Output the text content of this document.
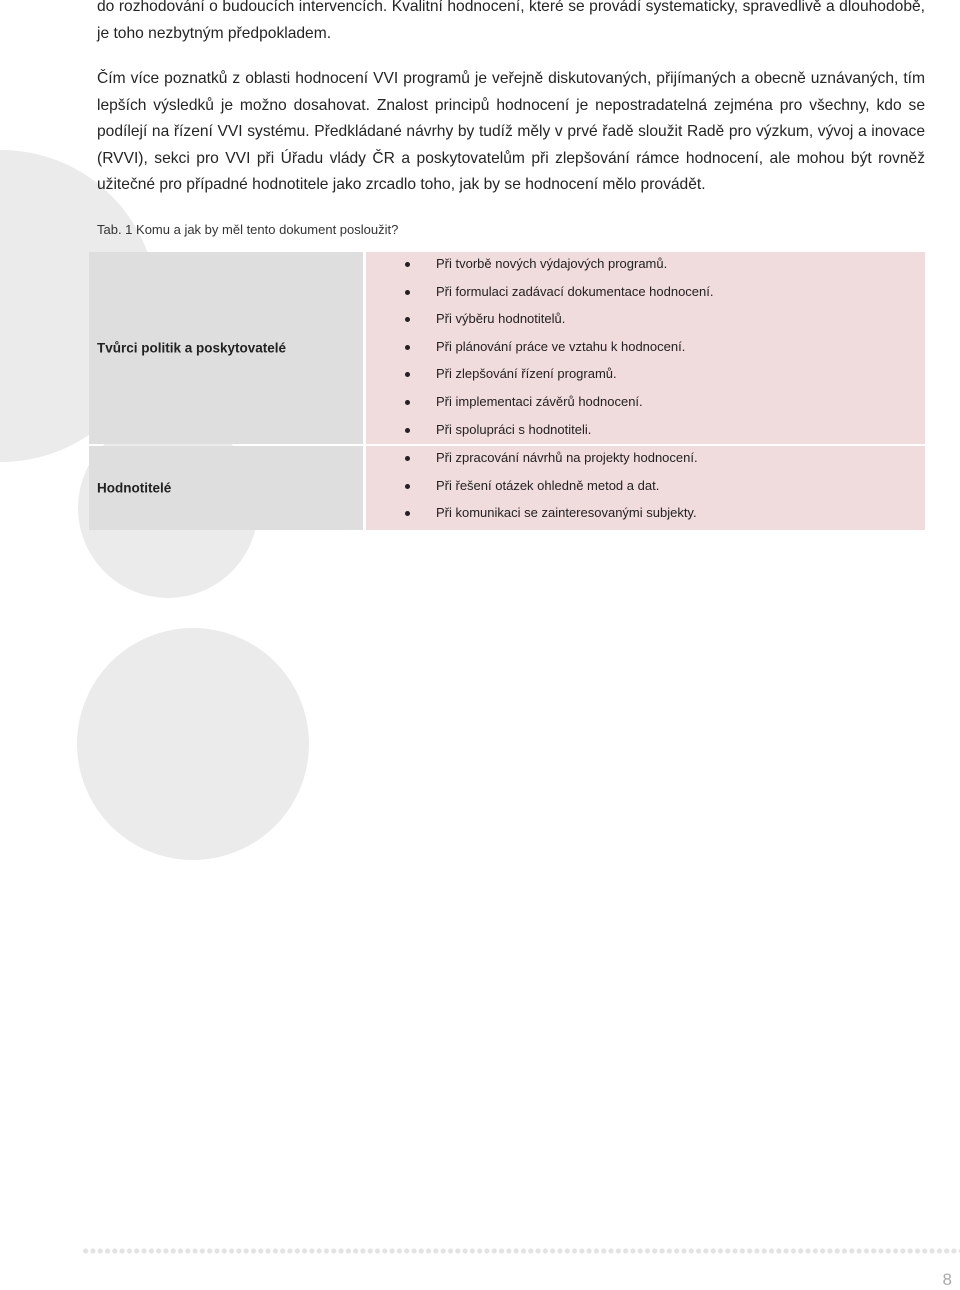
do rozhodování o budoucích intervencích. Kvalitní hodnocení, které se provádí systematicky, spravedlivě a dlouhodobě, je toho nezbytným předpokladem.

Čím více poznatků z oblasti hodnocení VVI programů je veřejně diskutovaných, přijímaných a obecně uznávaných, tím lepších výsledků je možno dosahovat. Znalost principů hodnocení je nepostradatelná zejména pro všechny, kdo se podílejí na řízení VVI systému. Předkládané návrhy by tudíž měly v prvé řadě sloužit Radě pro výzkum, vývoj a inovace (RVVI), sekci pro VVI při Úřadu vlády ČR a poskytovatelům při zlepšování rámce hodnocení, ale mohou být rovněž užitečné pro případné hodnotitele jako zrcadlo toho, jak by se hodnocení mělo provádět.

Tab. 1 Komu a jak by měl tento dokument posloužit?
Tvůrci politik a poskytovatelé
Při tvorbě nových výdajových programů.
Při formulaci zadávací dokumentace hodnocení.
Při výběru hodnotitelů.
Při plánování práce ve vztahu k hodnocení.
Při zlepšování řízení programů.
Při implementaci závěrů hodnocení.
Při spolupráci s hodnotiteli.
Hodnotitelé
Při zpracování návrhů na projekty hodnocení.
Při řešení otázek ohledně metod a dat.
Při komunikaci se zainteresovanými subjekty.
8
